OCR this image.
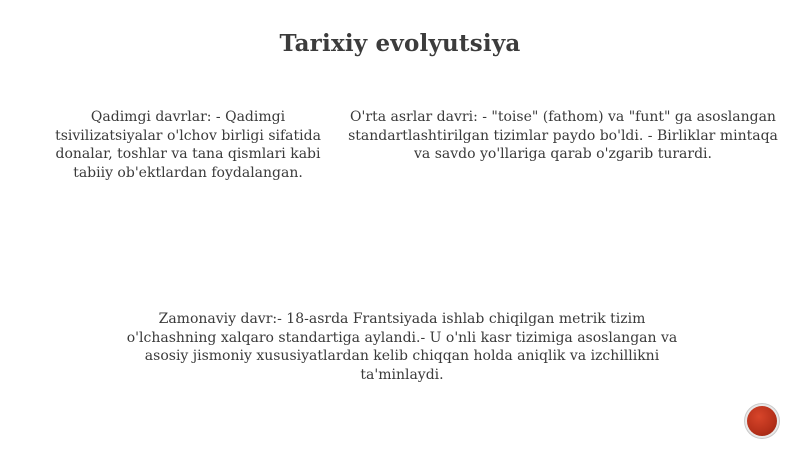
Tarixiy evolyutsiya
Qadimgi davrlar: - Qadimgi tsivilizatsiyalar o'lchov birligi sifatida donalar, toshlar va tana qismlari kabi tabiiy ob'ektlardan foydalangan.
O'rta asrlar davri: - "toise" (fathom) va "funt" ga asoslangan standartlashtirilgan tizimlar paydo bo'ldi. - Birliklar mintaqa va savdo yo'llariga qarab o'zgarib turardi.
Zamonaviy davr:- 18-asrda Frantsiyada ishlab chiqilgan metrik tizim o'lchashning xalqaro standartiga aylandi.- U o'nli kasr tizimiga asoslangan va asosiy jismoniy xususiyatlardan kelib chiqqan holda aniqlik va izchillikni ta'minlaydi.
